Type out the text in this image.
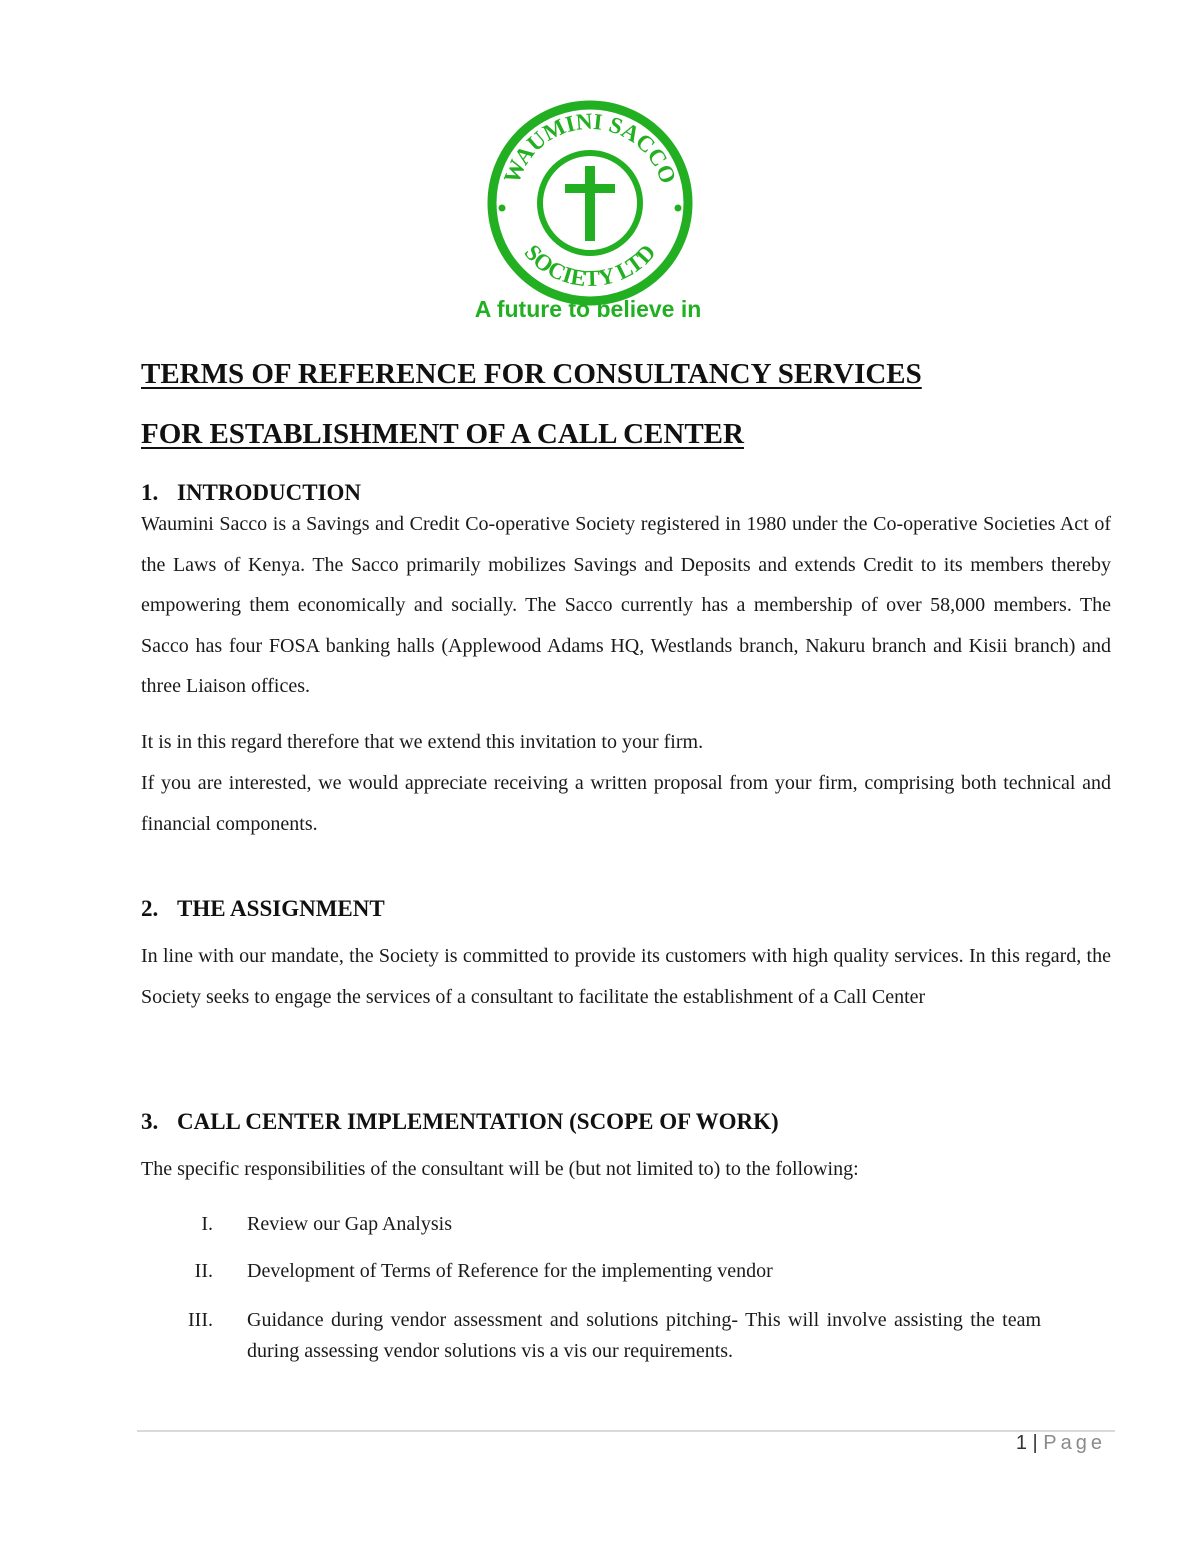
WAUMINI SACCO
SOCIETY LTD
A future to believe in
TERMS OF REFERENCE FOR CONSULTANCY SERVICES
FOR ESTABLISHMENT OF A CALL CENTER
1. INTRODUCTION

Waumini Sacco is a Savings and Credit Co-operative Society registered in 1980 under the Co-operative Societies Act of the Laws of Kenya. The Sacco primarily mobilizes Savings and Deposits and extends Credit to its members thereby empowering them economically and socially. The Sacco currently has a membership of over 58,000 members. The Sacco has four FOSA banking halls (Applewood Adams HQ, Westlands branch, Nakuru branch and Kisii branch) and three Liaison offices.

It is in this regard therefore that we extend this invitation to your firm.

If you are interested, we would appreciate receiving a written proposal from your firm, comprising both technical and financial components.

2. THE ASSIGNMENT

In line with our mandate, the Society is committed to provide its customers with high quality services. In this regard, the Society seeks to engage the services of a consultant to facilitate the establishment of a Call Center

3. CALL CENTER IMPLEMENTATION (SCOPE OF WORK)

The specific responsibilities of the consultant will be (but not limited to) to the following:

I. Review our Gap Analysis
II. Development of Terms of Reference for the implementing vendor
III. Guidance during vendor assessment and solutions pitching- This will involve assisting the team during assessing vendor solutions vis a vis our requirements.
1 | Page
